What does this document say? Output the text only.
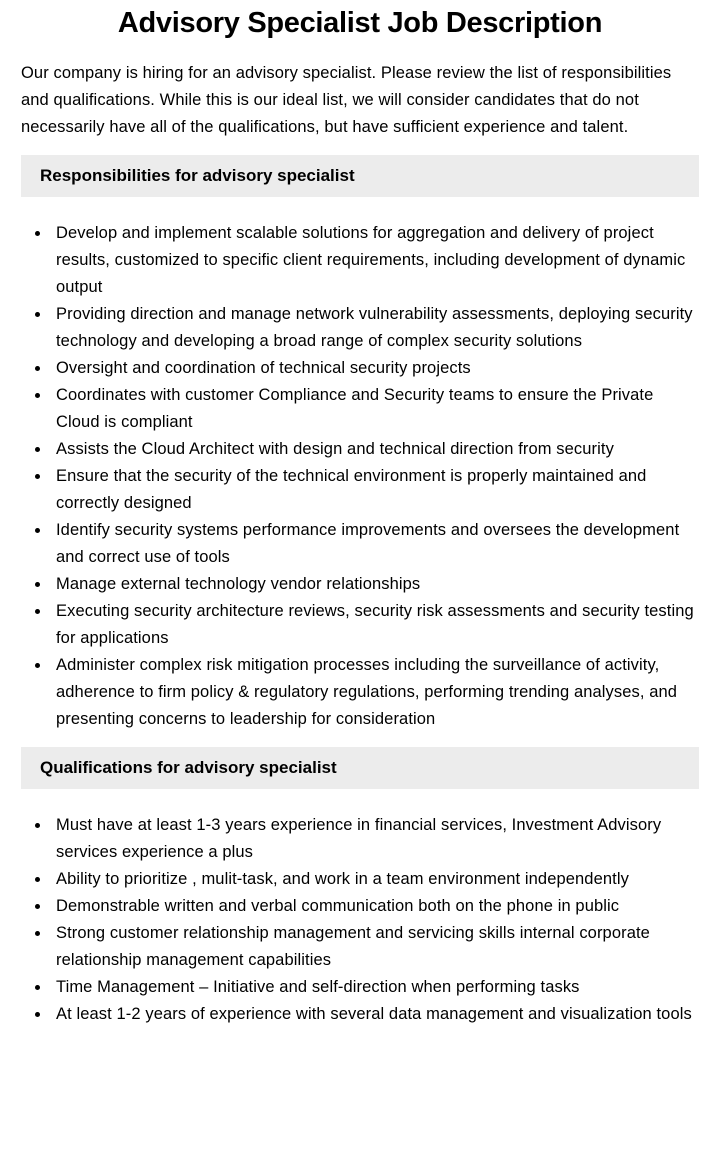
Advisory Specialist Job Description

Our company is hiring for an advisory specialist. Please review the list of responsibilities and qualifications. While this is our ideal list, we will consider candidates that do not necessarily have all of the qualifications, but have sufficient experience and talent.

Responsibilities for advisory specialist
• Develop and implement scalable solutions for aggregation and delivery of project results, customized to specific client requirements, including development of dynamic output
• Providing direction and manage network vulnerability assessments, deploying security technology and developing a broad range of complex security solutions
• Oversight and coordination of technical security projects
• Coordinates with customer Compliance and Security teams to ensure the Private Cloud is compliant
• Assists the Cloud Architect with design and technical direction from security
• Ensure that the security of the technical environment is properly maintained and correctly designed
• Identify security systems performance improvements and oversees the development and correct use of tools
• Manage external technology vendor relationships
• Executing security architecture reviews, security risk assessments and security testing for applications
• Administer complex risk mitigation processes including the surveillance of activity, adherence to firm policy & regulatory regulations, performing trending analyses, and presenting concerns to leadership for consideration
Qualifications for advisory specialist
• Must have at least 1-3 years experience in financial services, Investment Advisory services experience a plus
• Ability to prioritize , mulit-task, and work in a team environment independently
• Demonstrable written and verbal communication both on the phone in public
• Strong customer relationship management and servicing skills internal corporate relationship management capabilities
• Time Management – Initiative and self-direction when performing tasks
• At least 1-2 years of experience with several data management and visualization tools
